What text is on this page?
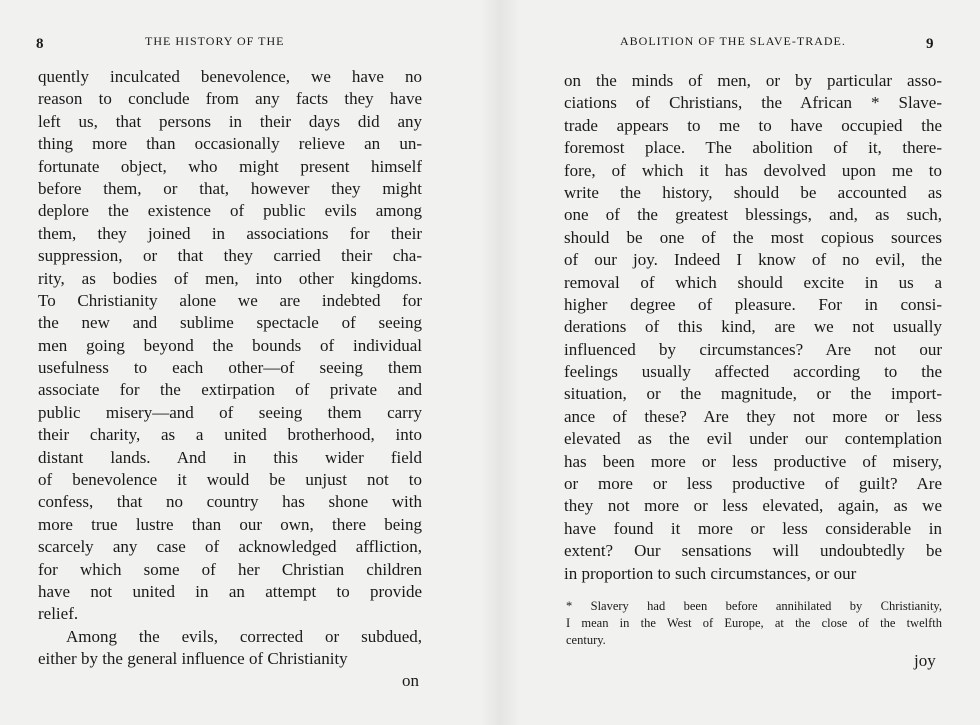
8	THE HISTORY OF THE
quently inculcated benevolence, we have no
reason to conclude from any facts they have
left us, that persons in their days did any
thing more than occasionally relieve an un-
fortunate object, who might present himself
before them, or that, however they might
deplore the existence of public evils among
them, they joined in associations for their
suppression, or that they carried their cha-
rity, as bodies of men, into other kingdoms.
To Christianity alone we are indebted for
the new and sublime spectacle of seeing
men going beyond the bounds of individual
usefulness to each other—of seeing them
associate for the extirpation of private and
public misery—and of seeing them carry
their charity, as a united brotherhood, into
distant lands. And in this wider field
of benevolence it would be unjust not to
confess, that no country has shone with
more true lustre than our own, there being
scarcely any case of acknowledged affliction,
for which some of her Christian children
have not united in an attempt to provide
relief.
Among the evils, corrected or subdued,
either by the general influence of Christianity
on
ABOLITION OF THE SLAVE-TRADE.	9
on the minds of men, or by particular asso-
ciations of Christians, the African * Slave-
trade appears to me to have occupied the
foremost place. The abolition of it, there-
fore, of which it has devolved upon me to
write the history, should be accounted as
one of the greatest blessings, and, as such,
should be one of the most copious sources
of our joy. Indeed I know of no evil, the
removal of which should excite in us a
higher degree of pleasure. For in consi-
derations of this kind, are we not usually
influenced by circumstances? Are not our
feelings usually affected according to the
situation, or the magnitude, or the import-
ance of these? Are they not more or less
elevated as the evil under our contemplation
has been more or less productive of misery,
or more or less productive of guilt? Are
they not more or less elevated, again, as we
have found it more or less considerable in
extent? Our sensations will undoubtedly be
in proportion to such circumstances, or our
* Slavery had been before annihilated by Christianity,
I mean in the West of Europe, at the close of the twelfth
century.
joy
